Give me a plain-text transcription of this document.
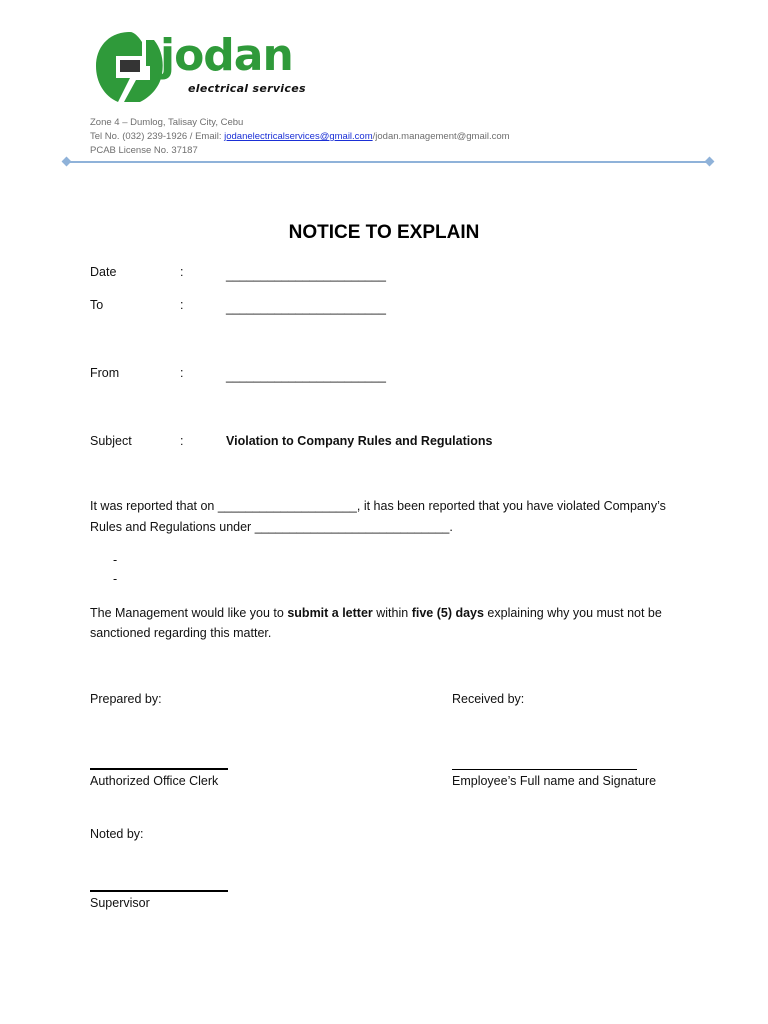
jodan
electrical services
Zone 4 – Dumlog, Talisay City, Cebu
Tel No. (032) 239-1926 / Email: jodanelectricalservices@gmail.com/jodan.management@gmail.com
PCAB License No. 37187
NOTICE TO EXPLAIN
Date	:	_______________________
To	:	_______________________
From	:	_______________________
Subject	:	Violation to Company Rules and Regulations
It was reported that on ____________________, it has been reported that you have violated Company’s
Rules and Regulations under ____________________________.
-
-
The Management would like you to submit a letter within five (5) days explaining why you must not be
sanctioned regarding this matter.
Prepared by:	Received by:
Authorized Office Clerk	Employee’s Full name and Signature
Noted by:
Supervisor
